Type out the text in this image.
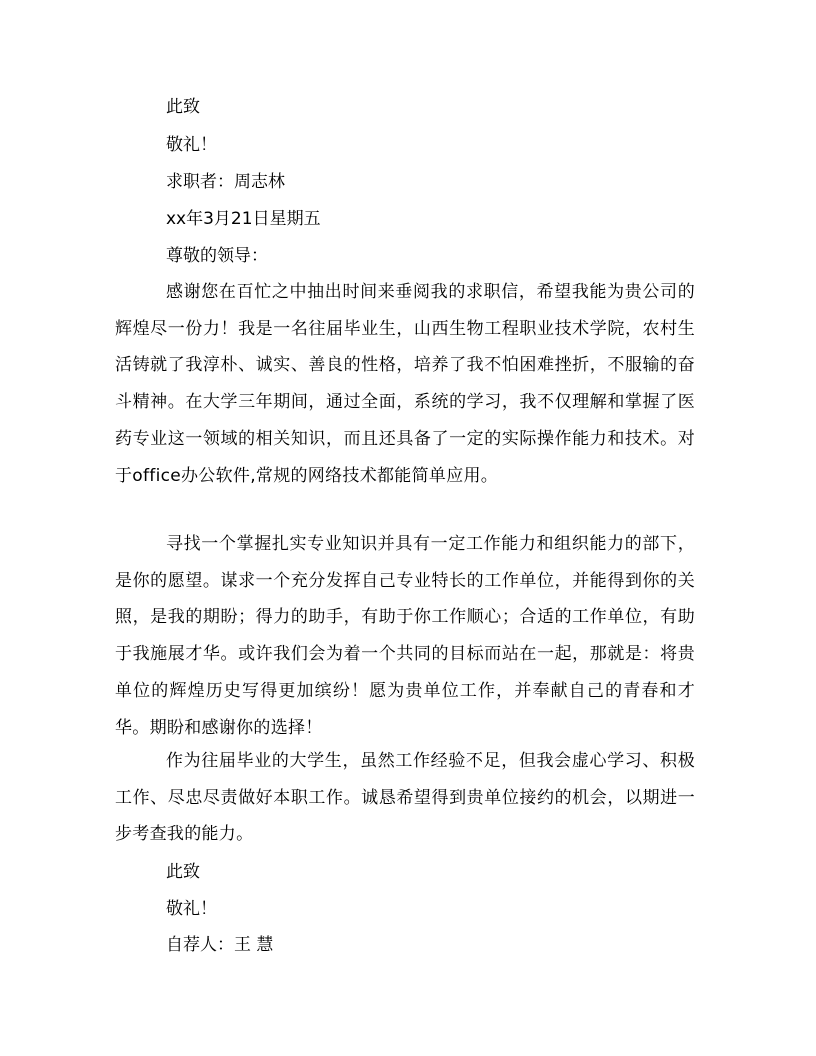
此致

敬礼！

求职者：周志林

xx年3月21日星期五

尊敬的领导：

感谢您在百忙之中抽出时间来垂阅我的求职信，希望我能为贵公司的辉煌尽一份力！我是一名往届毕业生，山西生物工程职业技术学院，农村生活铸就了我淳朴、诚实、善良的性格，培养了我不怕困难挫折，不服输的奋斗精神。在大学三年期间，通过全面，系统的学习，我不仅理解和掌握了医药专业这一领域的相关知识，而且还具备了一定的实际操作能力和技术。对于office办公软件,常规的网络技术都能简单应用。

寻找一个掌握扎实专业知识并具有一定工作能力和组织能力的部下，是你的愿望。谋求一个充分发挥自己专业特长的工作单位，并能得到你的关照，是我的期盼；得力的助手，有助于你工作顺心；合适的工作单位，有助于我施展才华。或许我们会为着一个共同的目标而站在一起，那就是：将贵单位的辉煌历史写得更加缤纷！愿为贵单位工作，并奉献自己的青春和才华。期盼和感谢你的选择！

作为往届毕业的大学生，虽然工作经验不足，但我会虚心学习、积极工作、尽忠尽责做好本职工作。诚恳希望得到贵单位接约的机会，以期进一步考查我的能力。

此致

敬礼！

自荐人：王 慧
